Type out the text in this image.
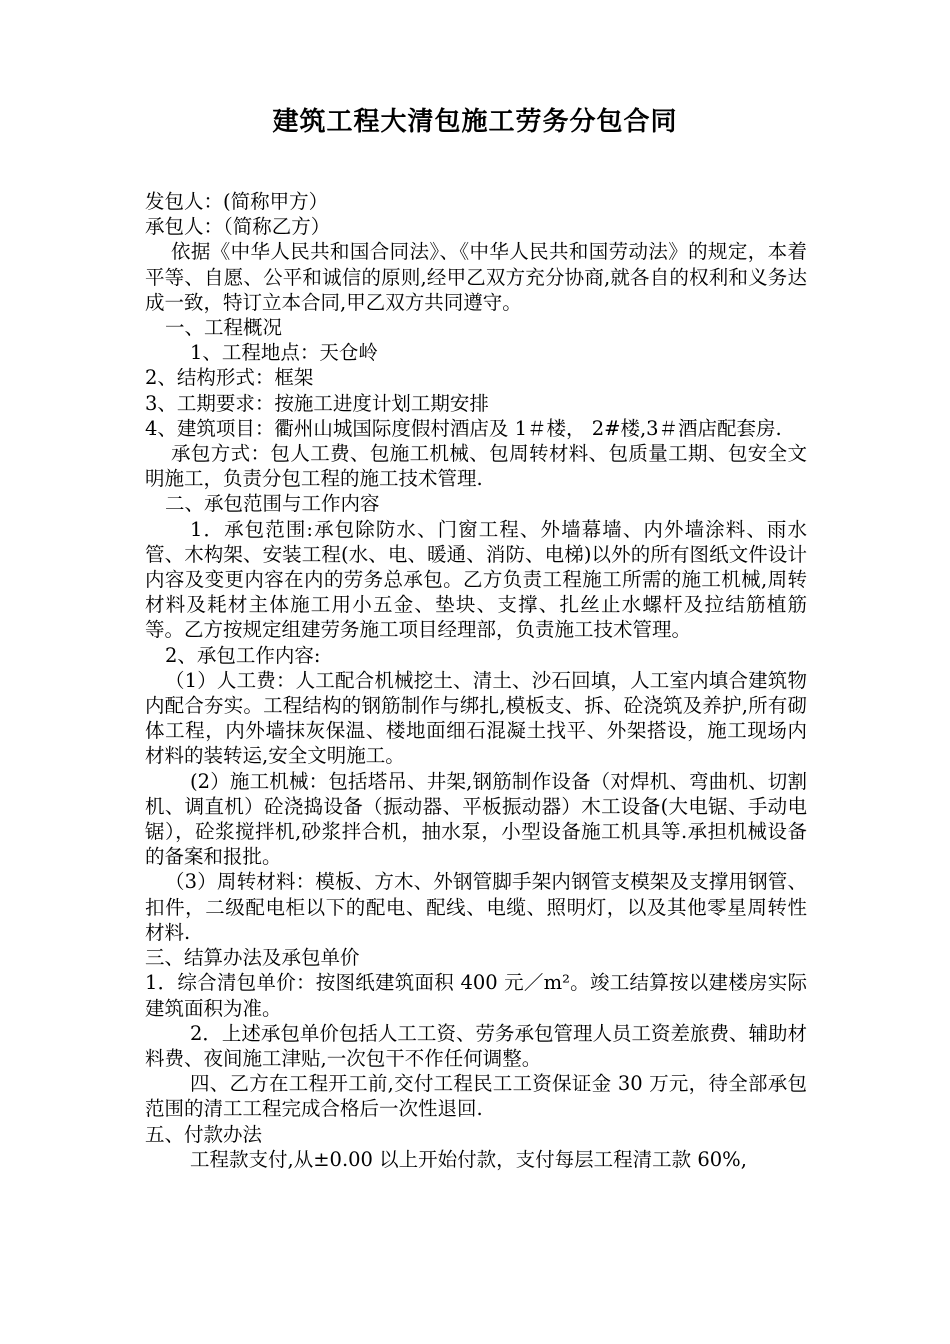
建筑工程大清包施工劳务分包合同

发包人：(简称甲方）

承包人：（简称乙方）

依据《中华人民共和国合同法》、《中华人民共和国劳动法》的规定，本着平等、自愿、公平和诚信的原则,经甲乙双方充分协商,就各自的权利和义务达成一致，特订立本合同,甲乙双方共同遵守。

一、工程概况

1、工程地点：天仓岭

2、结构形式：框架

3、工期要求：按施工进度计划工期安排

4、建筑项目：衢州山城国际度假村酒店及 1＃楼， 2#楼,3＃酒店配套房.

承包方式：包人工费、包施工机械、包周转材料、包质量工期、包安全文明施工，负责分包工程的施工技术管理.

二、承包范围与工作内容

1．承包范围:承包除防水、门窗工程、外墙幕墙、内外墙涂料、雨水管、木构架、安装工程(水、电、暖通、消防、电梯)以外的所有图纸文件设计内容及变更内容在内的劳务总承包。乙方负责工程施工所需的施工机械,周转材料及耗材主体施工用小五金、垫块、支撑、扎丝止水螺杆及拉结筋植筋等。乙方按规定组建劳务施工项目经理部，负责施工技术管理。

2、承包工作内容:

（1）人工费：人工配合机械挖土、清土、沙石回填，人工室内填合建筑物内配合夯实。工程结构的钢筋制作与绑扎,模板支、拆、砼浇筑及养护,所有砌体工程，内外墙抹灰保温、楼地面细石混凝土找平、外架搭设，施工现场内材料的装转运,安全文明施工。

(2）施工机械：包括塔吊、井架,钢筋制作设备（对焊机、弯曲机、切割机、调直机）砼浇捣设备（振动器、平板振动器）木工设备(大电锯、手动电锯），砼浆搅拌机,砂浆拌合机，抽水泵，小型设备施工机具等.承担机械设备的备案和报批。

（3）周转材料：模板、方木、外钢管脚手架内钢管支模架及支撑用钢管、扣件，二级配电柜以下的配电、配线、电缆、照明灯，以及其他零星周转性材料.

三、结算办法及承包单价

1．综合清包单价：按图纸建筑面积 400 元／m²。竣工结算按以建楼房实际建筑面积为准。

2．上述承包单价包括人工工资、劳务承包管理人员工资差旅费、辅助材料费、夜间施工津贴,一次包干不作任何调整。

四、乙方在工程开工前,交付工程民工工资保证金 30 万元，待全部承包范围的清工工程完成合格后一次性退回.

五、付款办法

工程款支付,从±0.00 以上开始付款，支付每层工程清工款 60%,
